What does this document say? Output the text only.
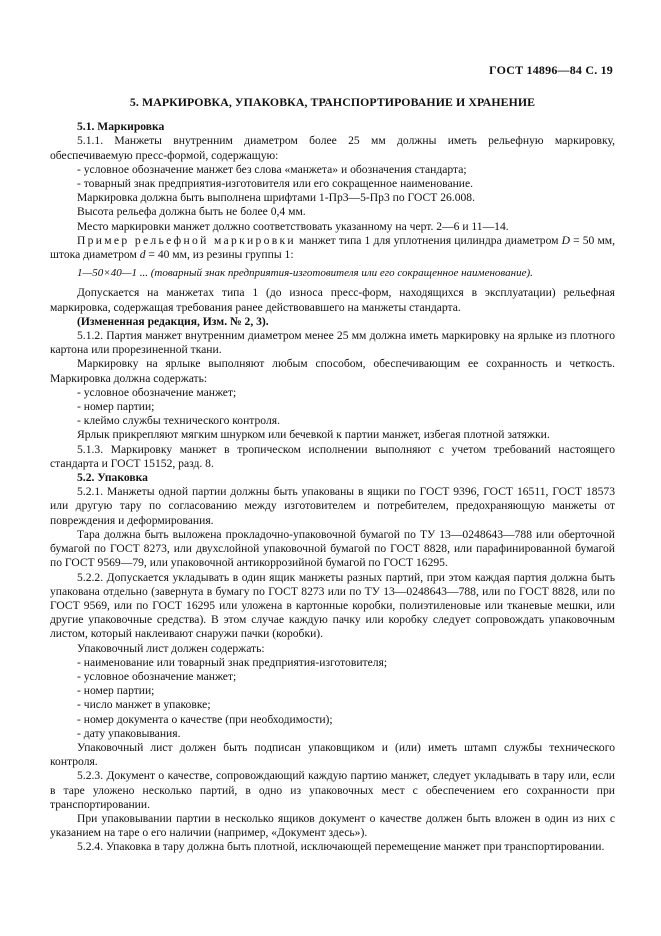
ГОСТ 14896—84 С. 19
5. МАРКИРОВКА, УПАКОВКА, ТРАНСПОРТИРОВАНИЕ И ХРАНЕНИЕ

5.1. Маркировка

5.1.1. Манжеты внутренним диаметром более 25 мм должны иметь рельефную маркировку, обеспечиваемую пресс-формой, содержащую:

- условное обозначение манжет без слова «манжета» и обозначения стандарта;

- товарный знак предприятия-изготовителя или его сокращенное наименование.

Маркировка должна быть выполнена шрифтами 1-Пр3—5-Пр3 по ГОСТ 26.008.

Высота рельефа должна быть не более 0,4 мм.

Место маркировки манжет должно соответствовать указанному на черт. 2—6 и 11—14.

Пример рельефной маркировки манжет типа 1 для уплотнения цилиндра диаметром D = 50 мм, штока диаметром d = 40 мм, из резины группы 1:

1—50×40—1 ... (товарный знак предприятия-изготовителя или его сокращенное наименование).

Допускается на манжетах типа 1 (до износа пресс-форм, находящихся в эксплуатации) рельефная маркировка, содержащая требования ранее действовавшего на манжеты стандарта.

(Измененная редакция, Изм. № 2, 3).

5.1.2. Партия манжет внутренним диаметром менее 25 мм должна иметь маркировку на ярлыке из плотного картона или прорезиненной ткани.

Маркировку на ярлыке выполняют любым способом, обеспечивающим ее сохранность и четкость. Маркировка должна содержать:

- условное обозначение манжет;

- номер партии;

- клеймо службы технического контроля.

Ярлык прикрепляют мягким шнурком или бечевкой к партии манжет, избегая плотной затяжки.

5.1.3. Маркировку манжет в тропическом исполнении выполняют с учетом требований настоящего стандарта и ГОСТ 15152, разд. 8.

5.2. Упаковка

5.2.1. Манжеты одной партии должны быть упакованы в ящики по ГОСТ 9396, ГОСТ 16511, ГОСТ 18573 или другую тару по согласованию между изготовителем и потребителем, предохраняющую манжеты от повреждения и деформирования.

Тара должна быть выложена прокладочно-упаковочной бумагой по ТУ 13—0248643—788 или оберточной бумагой по ГОСТ 8273, или двухслойной упаковочной бумагой по ГОСТ 8828, или парафинированной бумагой по ГОСТ 9569—79, или упаковочной антикоррозийной бумагой по ГОСТ 16295.

5.2.2. Допускается укладывать в один ящик манжеты разных партий, при этом каждая партия должна быть упакована отдельно (завернута в бумагу по ГОСТ 8273 или по ТУ 13—0248643—788, или по ГОСТ 8828, или по ГОСТ 9569, или по ГОСТ 16295 или уложена в картонные коробки, полиэтиленовые или тканевые мешки, или другие упаковочные средства). В этом случае каждую пачку или коробку следует сопровождать упаковочным листом, который наклеивают снаружи пачки (коробки).

Упаковочный лист должен содержать:

- наименование или товарный знак предприятия-изготовителя;

- условное обозначение манжет;

- номер партии;

- число манжет в упаковке;

- номер документа о качестве (при необходимости);

- дату упаковывания.

Упаковочный лист должен быть подписан упаковщиком и (или) иметь штамп службы технического контроля.

5.2.3. Документ о качестве, сопровождающий каждую партию манжет, следует укладывать в тару или, если в таре уложено несколько партий, в одно из упаковочных мест с обеспечением его сохранности при транспортировании.

При упаковывании партии в несколько ящиков документ о качестве должен быть вложен в один из них с указанием на таре о его наличии (например, «Документ здесь»).

5.2.4. Упаковка в тару должна быть плотной, исключающей перемещение манжет при транспортировании.
